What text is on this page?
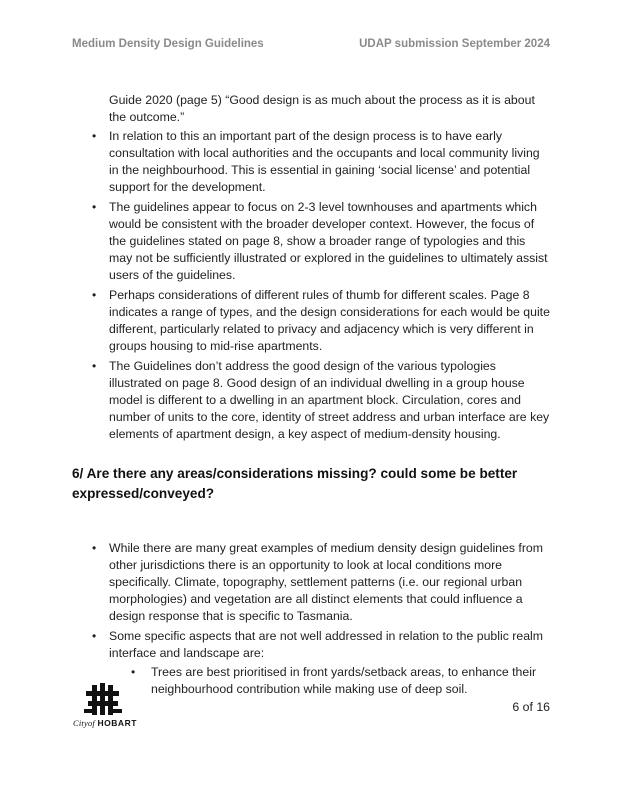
Medium Density Design Guidelines	UDAP submission September 2024

Guide 2020 (page 5) “Good design is as much about the process as it is about the outcome.”

• In relation to this an important part of the design process is to have early consultation with local authorities and the occupants and local community living in the neighbourhood. This is essential in gaining ‘social license’ and potential support for the development.
• The guidelines appear to focus on 2-3 level townhouses and apartments which would be consistent with the broader developer context. However, the focus of the guidelines stated on page 8, show a broader range of typologies and this may not be sufficiently illustrated or explored in the guidelines to ultimately assist users of the guidelines.
• Perhaps considerations of different rules of thumb for different scales. Page 8 indicates a range of types, and the design considerations for each would be quite different, particularly related to privacy and adjacency which is very different in groups housing to mid-rise apartments.
• The Guidelines don’t address the good design of the various typologies illustrated on page 8. Good design of an individual dwelling in a group house model is different to a dwelling in an apartment block. Circulation, cores and number of units to the core, identity of street address and urban interface are key elements of apartment design, a key aspect of medium-density housing.
6/ Are there any areas/considerations missing? could some be better expressed/conveyed?
• While there are many great examples of medium density design guidelines from other jurisdictions there is an opportunity to look at local conditions more specifically. Climate, topography, settlement patterns (i.e. our regional urban morphologies) and vegetation are all distinct elements that could influence a design response that is specific to Tasmania.
• Some specific aspects that are not well addressed in relation to the public realm interface and landscape are:
• Trees are best prioritised in front yards/setback areas, to enhance their neighbourhood contribution while making use of deep soil.
Cityof HOBART
6 of 16
